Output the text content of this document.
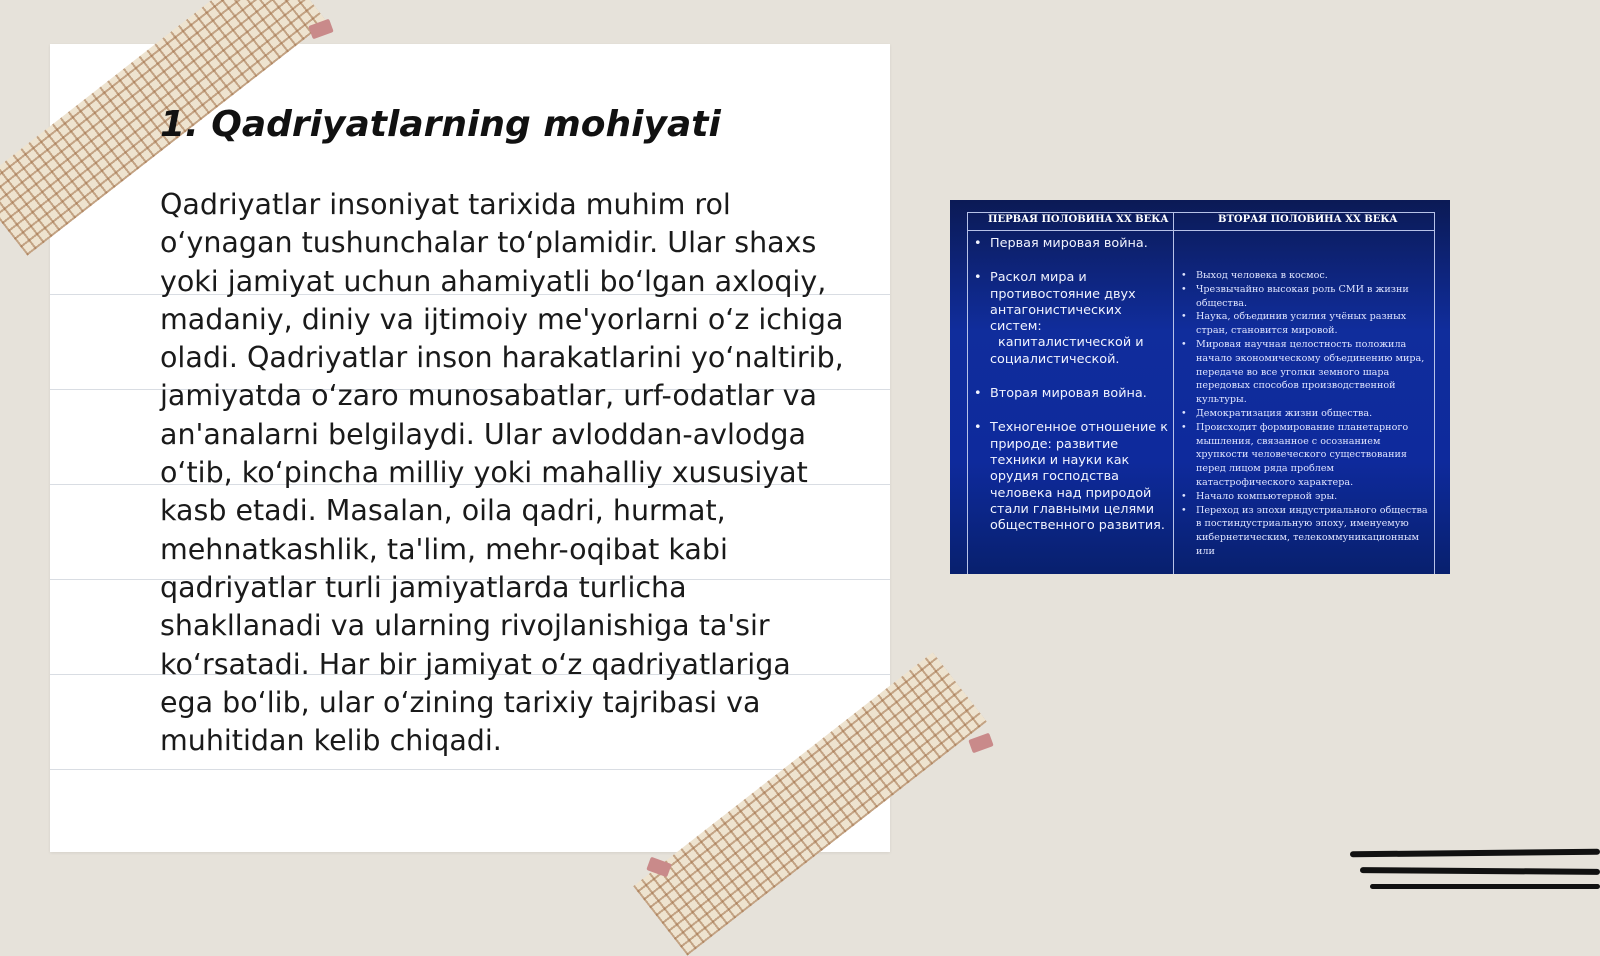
1. Qadriyatlarning mohiyati

Qadriyatlar insoniyat tarixida muhim rol o‘ynagan tushunchalar to‘plamidir. Ular shaxs yoki jamiyat uchun ahamiyatli bo‘lgan axloqiy, madaniy, diniy va ijtimoiy me'yorlarni o‘z ichiga oladi. Qadriyatlar inson harakatlarini yo‘naltirib, jamiyatda o‘zaro munosabatlar, urf-odatlar va an'analarni belgilaydi. Ular avloddan-avlodga o‘tib, ko‘pincha milliy yoki mahalliy xususiyat kasb etadi. Masalan, oila qadri, hurmat, mehnatkashlik, ta'lim, mehr-oqibat kabi qadriyatlar turli jamiyatlarda turlicha shakllanadi va ularning rivojlanishiga ta'sir ko‘rsatadi. Har bir jamiyat o‘z qadriyatlariga ega bo‘lib, ular o‘zining tarixiy tajribasi va muhitidan kelib chiqadi.

ПЕРВАЯ ПОЛОВИНА XX ВЕКА	ВТОРАЯ ПОЛОВИНА XX ВЕКА
• Первая мировая война.
• Раскол мира и противостояние двух антагонистических систем:
капиталистической и социалистической.
• Вторая мировая война.
• Техногенное отношение к природе: развитие техники и науки как орудия господства человека над природой стали главными целями общественного развития.
• Выход человека в космос.
• Чрезвычайно высокая роль СМИ в жизни общества.
• Наука, объединив усилия учёных разных стран, становится мировой.
• Мировая научная целостность положила начало экономическому объединению мира, передаче во все уголки земного шара передовых способов производственной культуры.
• Демократизация жизни общества.
• Происходит формирование планетарного мышления, связанное с осознанием хрупкости человеческого существования перед лицом ряда проблем катастрофического характера.
• Начало компьютерной эры.
• Переход из эпохи индустриального общества
в постиндустриальную эпоху, именуемую кибернетическим, телекоммуникационным или
